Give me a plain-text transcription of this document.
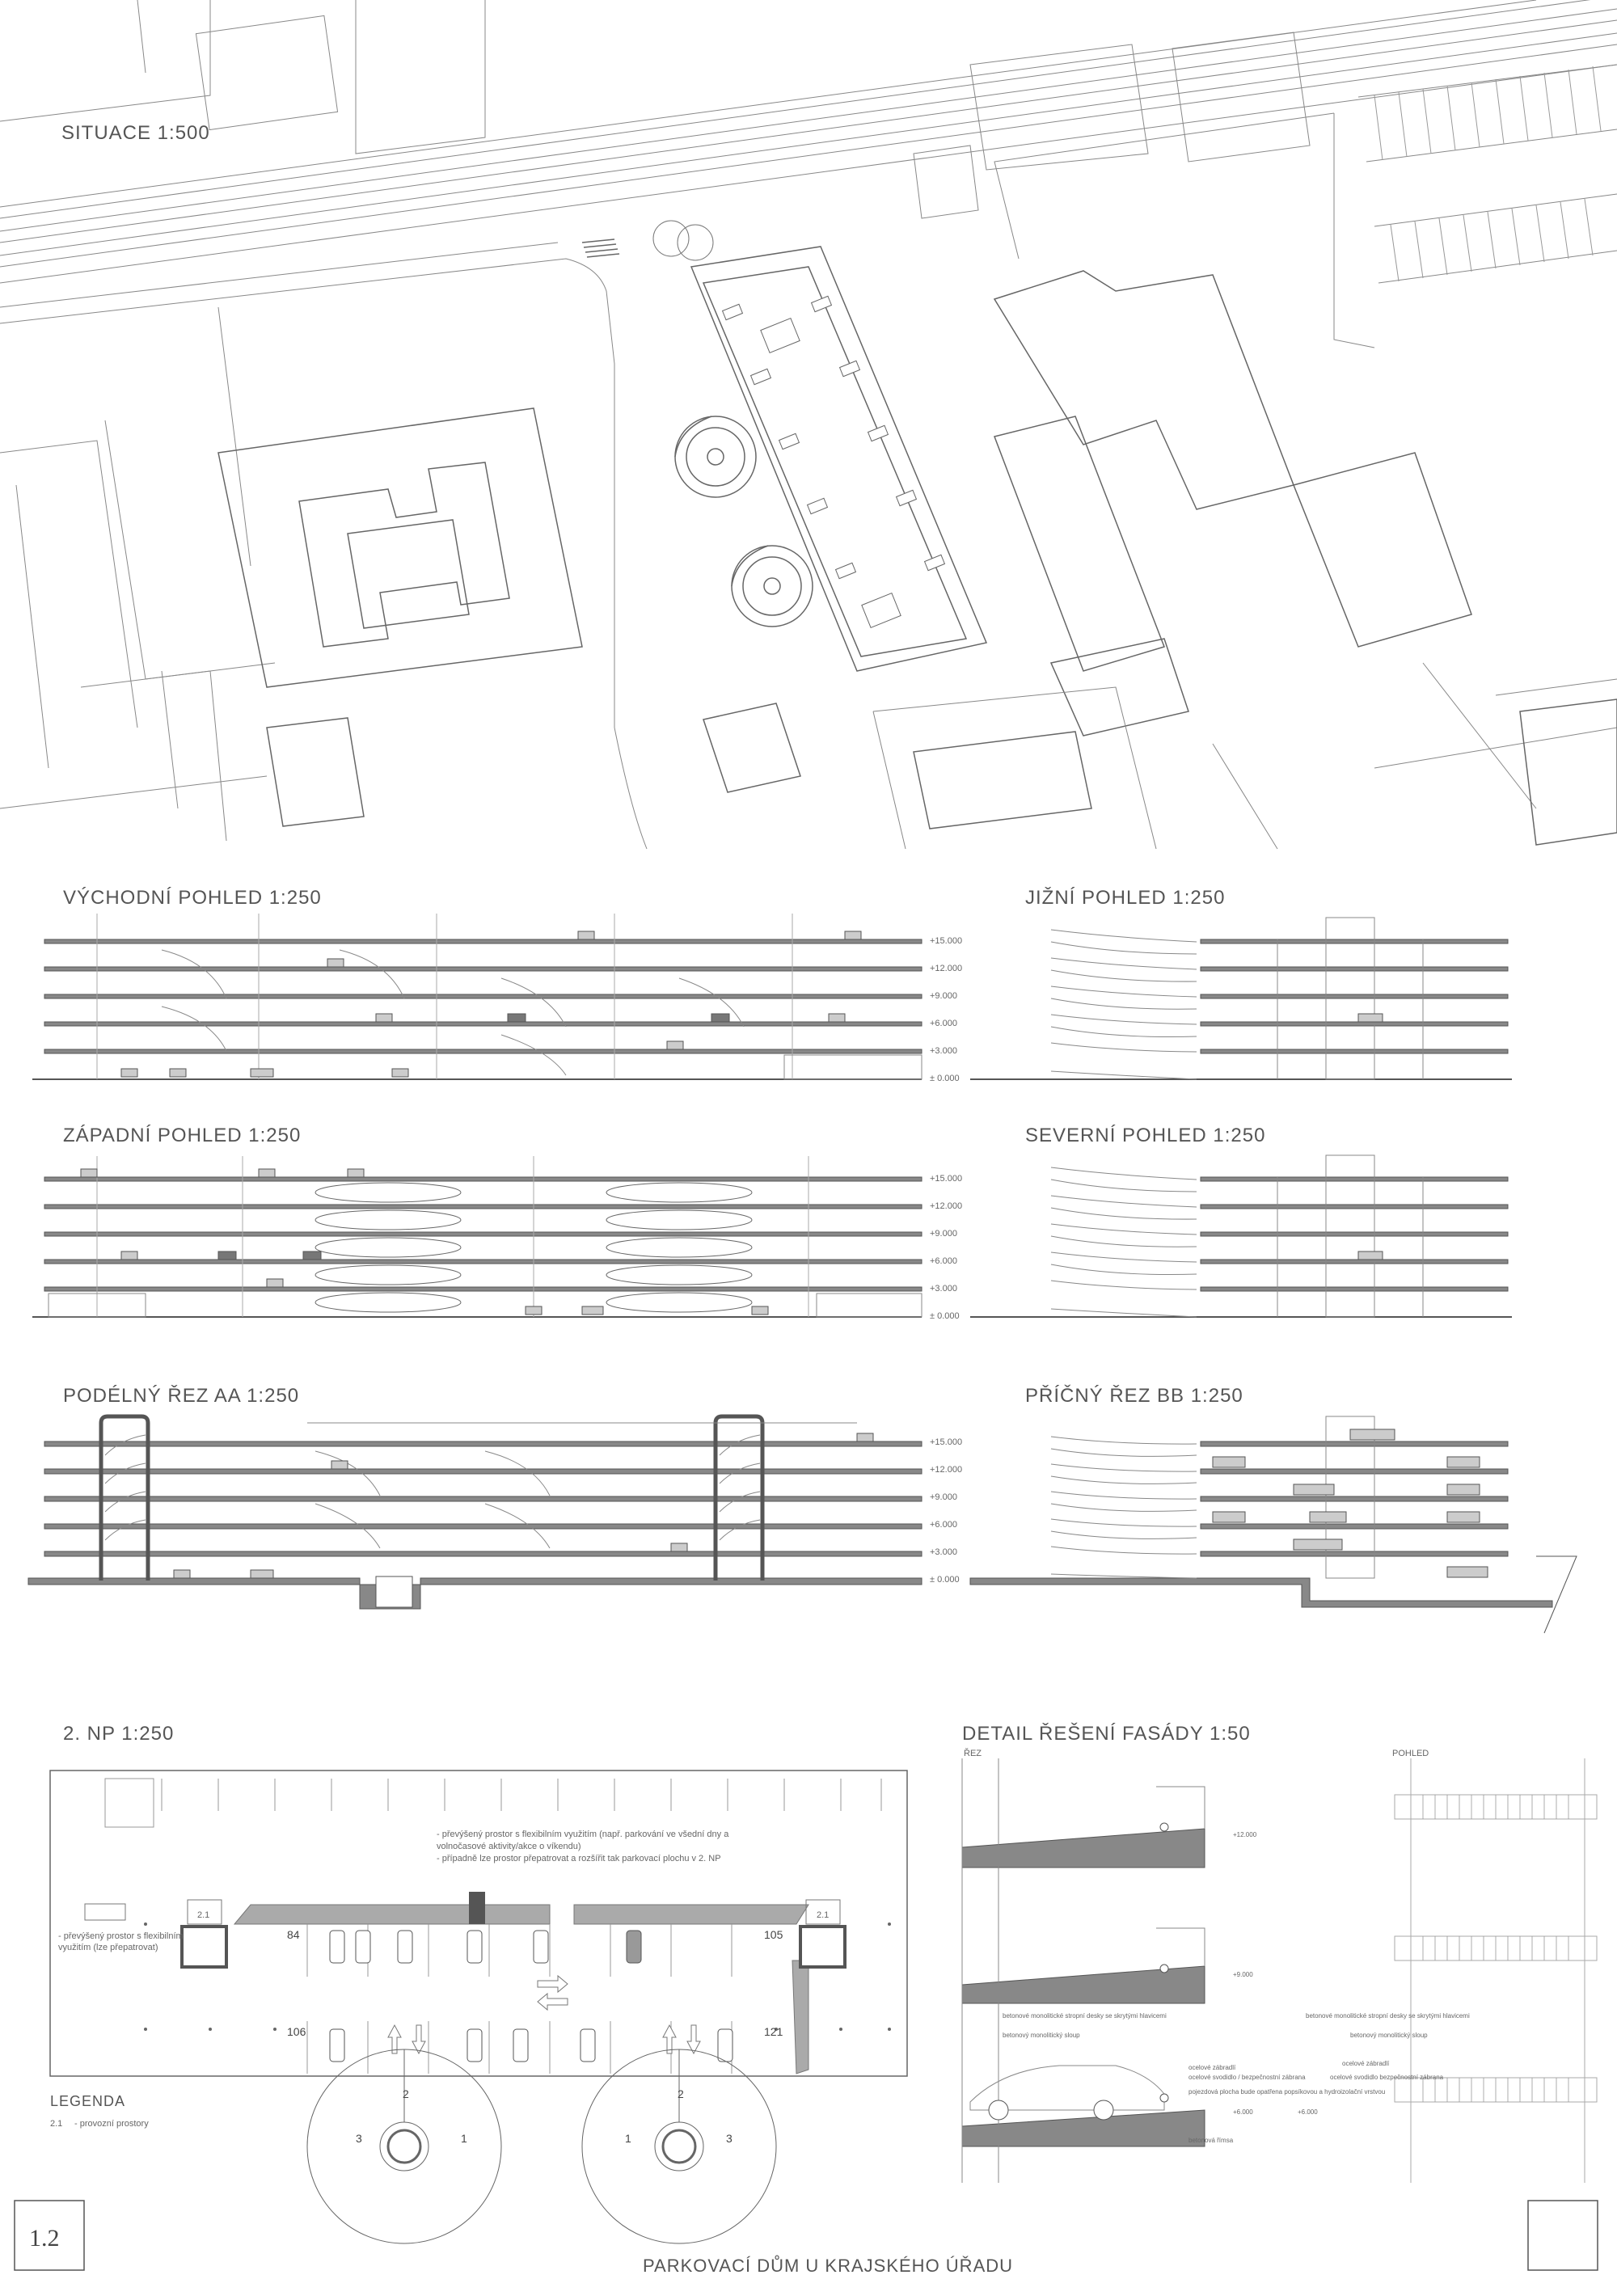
SITUACE 1:500
VÝCHODNÍ POHLED 1:250	JIŽNÍ POHLED 1:250
ZÁPADNÍ POHLED 1:250	SEVERNÍ POHLED 1:250
PODÉLNÝ ŘEZ AA 1:250	PŘÍČNÝ ŘEZ BB 1:250
+15.000
+12.000
+9.000
+6.000
+3.000
± 0.000
+15.000
+12.000
+9.000
+6.000
+3.000
± 0.000
+15.000
+12.000
+9.000
+6.000
+3.000
± 0.000
2. NP 1:250
- převýšený prostor s flexibilním využitím (např. parkování ve všední dny a
volnočasové aktivity/akce o víkendu)
- případně lze prostor přepatrovat a rozšířit tak parkovací plochu v 2. NP
- převýšený prostor s flexibilním
využitím (lze přepatrovat)
2.1	2.1
84	105
106	121
3
2
1	1
2
3
LEGENDA
2.1 - provozní prostory
DETAIL ŘEŠENÍ FASÁDY 1:50
ŘEZ	POHLED
+12.000
+9.000
+6.000	+6.000
betonové monolitické stropní desky se skrytými hlavicemi
betonový monolitický sloup
ocelové zábradlí
ocelové svodidlo / bezpečnostní zábrana
pojezdová plocha bude opatřena popsíkovou a hydroizolační vrstvou
betonová římsa
betonové monolitické stropní desky se skrytými hlavicemi
betonový monolitický sloup
ocelové zábradlí
ocelové svodidlo bezpečnostní zábrana
1.2
PARKOVACÍ DŮM U KRAJSKÉHO ÚŘADU
